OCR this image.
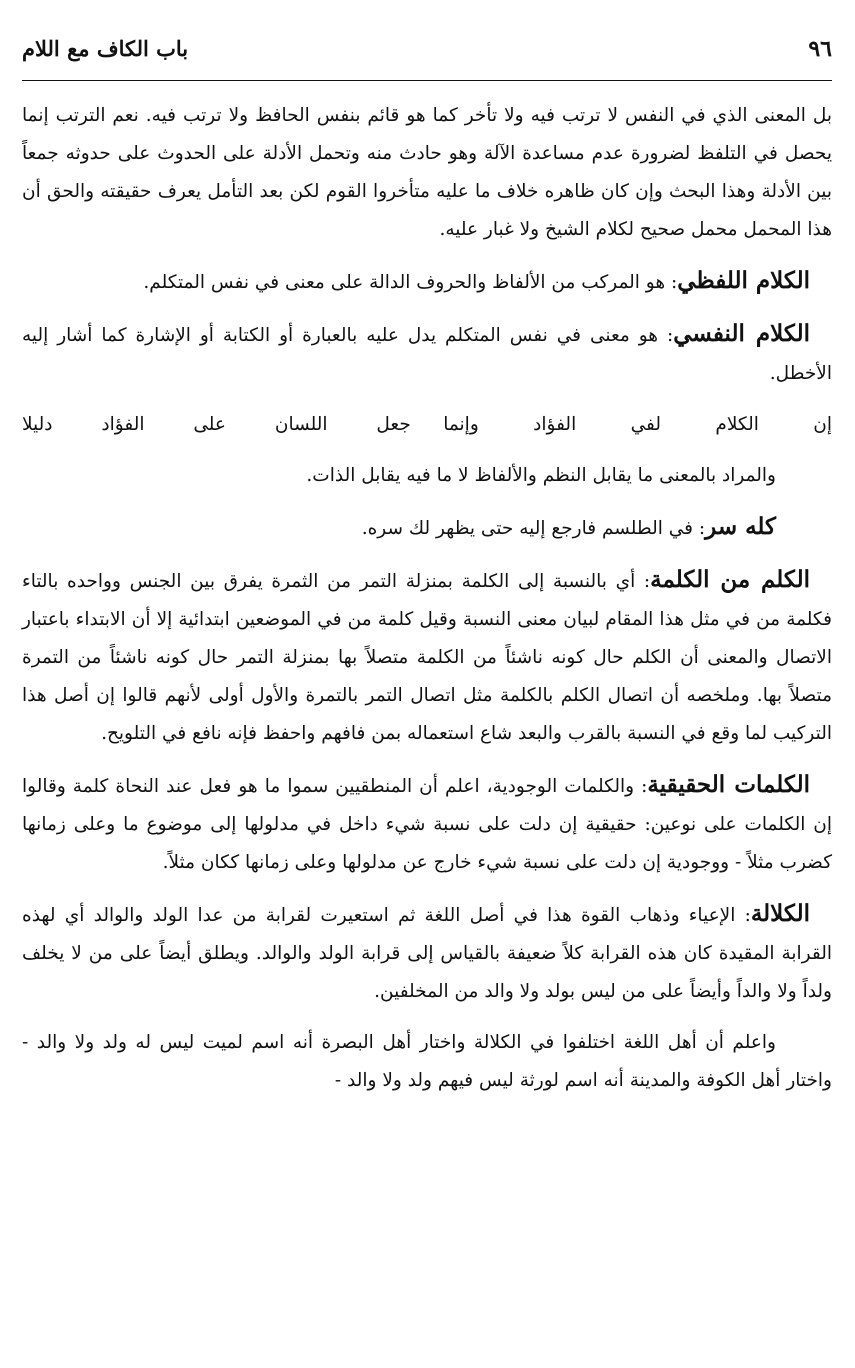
٩٦
باب الكاف مع اللام

بل المعنى الذي في النفس لا ترتب فيه ولا تأخر كما هو قائم بنفس الحافظ ولا ترتب فيه. نعم الترتب إنما يحصل في التلفظ لضرورة عدم مساعدة الآلة وهو حادث منه وتحمل الأدلة على الحدوث على حدوثه جمعاً بين الأدلة وهذا البحث وإن كان ظاهره خلاف ما عليه متأخروا القوم لكن بعد التأمل يعرف حقيقته والحق أن هذا المحمل محمل صحيح لكلام الشيخ ولا غبار عليه.

الكلام اللفظي: هو المركب من الألفاظ والحروف الدالة على معنى في نفس المتكلم.

الكلام النفسي: هو معنى في نفس المتكلم يدل عليه بالعبارة أو الكتابة أو الإشارة كما أشار إليه الأخطل.

إن الكلام لفي الفؤاد وإنما
جعل اللسان على الفؤاد دليلا

والمراد بالمعنى ما يقابل النظم والألفاظ لا ما فيه يقابل الذات.

كله سر: في الطلسم فارجع إليه حتى يظهر لك سره.

الكلم من الكلمة: أي بالنسبة إلى الكلمة بمنزلة التمر من الثمرة يفرق بين الجنس وواحده بالتاء فكلمة من في مثل هذا المقام لبيان معنى النسبة وقيل كلمة من في الموضعين ابتدائية إلا أن الابتداء باعتبار الاتصال والمعنى أن الكلم حال كونه ناشئاً من الكلمة متصلاً بها بمنزلة التمر حال كونه ناشئاً من التمرة متصلاً بها. وملخصه أن اتصال الكلم بالكلمة مثل اتصال التمر بالتمرة والأول أولى لأنهم قالوا إن أصل هذا التركيب لما وقع في النسبة بالقرب والبعد شاع استعماله بمن فافهم واحفظ فإنه نافع في التلويح.

الكلمات الحقيقية: والكلمات الوجودية، اعلم أن المنطقيين سموا ما هو فعل عند النحاة كلمة وقالوا إن الكلمات على نوعين: حقيقية إن دلت على نسبة شيء داخل في مدلولها إلى موضوع ما وعلى زمانها كضرب مثلاً - ووجودية إن دلت على نسبة شيء خارج عن مدلولها وعلى زمانها ككان مثلاً.

الكلالة: الإعياء وذهاب القوة هذا في أصل اللغة ثم استعيرت لقرابة من عدا الولد والوالد أي لهذه القرابة المقيدة كان هذه القرابة كلاً ضعيفة بالقياس إلى قرابة الولد والوالد. ويطلق أيضاً على من لا يخلف ولداً ولا والداً وأيضاً على من ليس بولد ولا والد من المخلفين.

واعلم أن أهل اللغة اختلفوا في الكلالة واختار أهل البصرة أنه اسم لميت ليس له ولد ولا والد - واختار أهل الكوفة والمدينة أنه اسم لورثة ليس فيهم ولد ولا والد -
